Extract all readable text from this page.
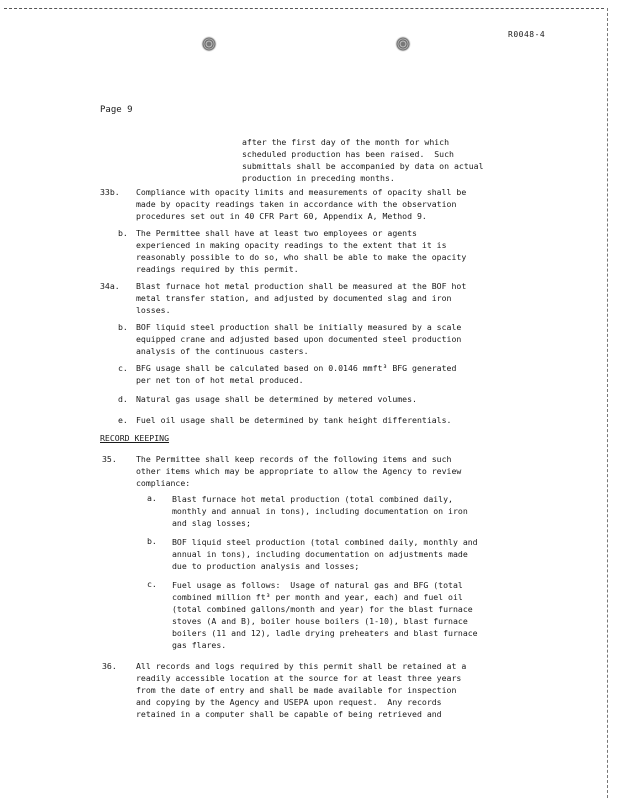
R0048-4
Page 9
after the first day of the month for which
scheduled production has been raised.  Such
submittals shall be accompanied by data on actual
production in preceding months.
33b. Compliance with opacity limits and measurements of opacity shall be
made by opacity readings taken in accordance with the observation
procedures set out in 40 CFR Part 60, Appendix A, Method 9.
b. The Permittee shall have at least two employees or agents
experienced in making opacity readings to the extent that it is
reasonably possible to do so, who shall be able to make the opacity
readings required by this permit.
34a. Blast furnace hot metal production shall be measured at the BOF hot
metal transfer station, and adjusted by documented slag and iron
losses.
b. BOF liquid steel production shall be initially measured by a scale
equipped crane and adjusted based upon documented steel production
analysis of the continuous casters.
c. BFG usage shall be calculated based on 0.0146 mmft³ BFG generated
per net ton of hot metal produced.
d. Natural gas usage shall be determined by metered volumes.
e. Fuel oil usage shall be determined by tank height differentials.
RECORD KEEPING
35. The Permittee shall keep records of the following items and such
other items which may be appropriate to allow the Agency to review
compliance:
a. Blast furnace hot metal production (total combined daily,
monthly and annual in tons), including documentation on iron
and slag losses;
b. BOF liquid steel production (total combined daily, monthly and
annual in tons), including documentation on adjustments made
due to production analysis and losses;
c. Fuel usage as follows:  Usage of natural gas and BFG (total
combined million ft³ per month and year, each) and fuel oil
(total combined gallons/month and year) for the blast furnace
stoves (A and B), boiler house boilers (1-10), blast furnace
boilers (11 and 12), ladle drying preheaters and blast furnace
gas flares.
36. All records and logs required by this permit shall be retained at a
readily accessible location at the source for at least three years
from the date of entry and shall be made available for inspection
and copying by the Agency and USEPA upon request.  Any records
retained in a computer shall be capable of being retrieved and
